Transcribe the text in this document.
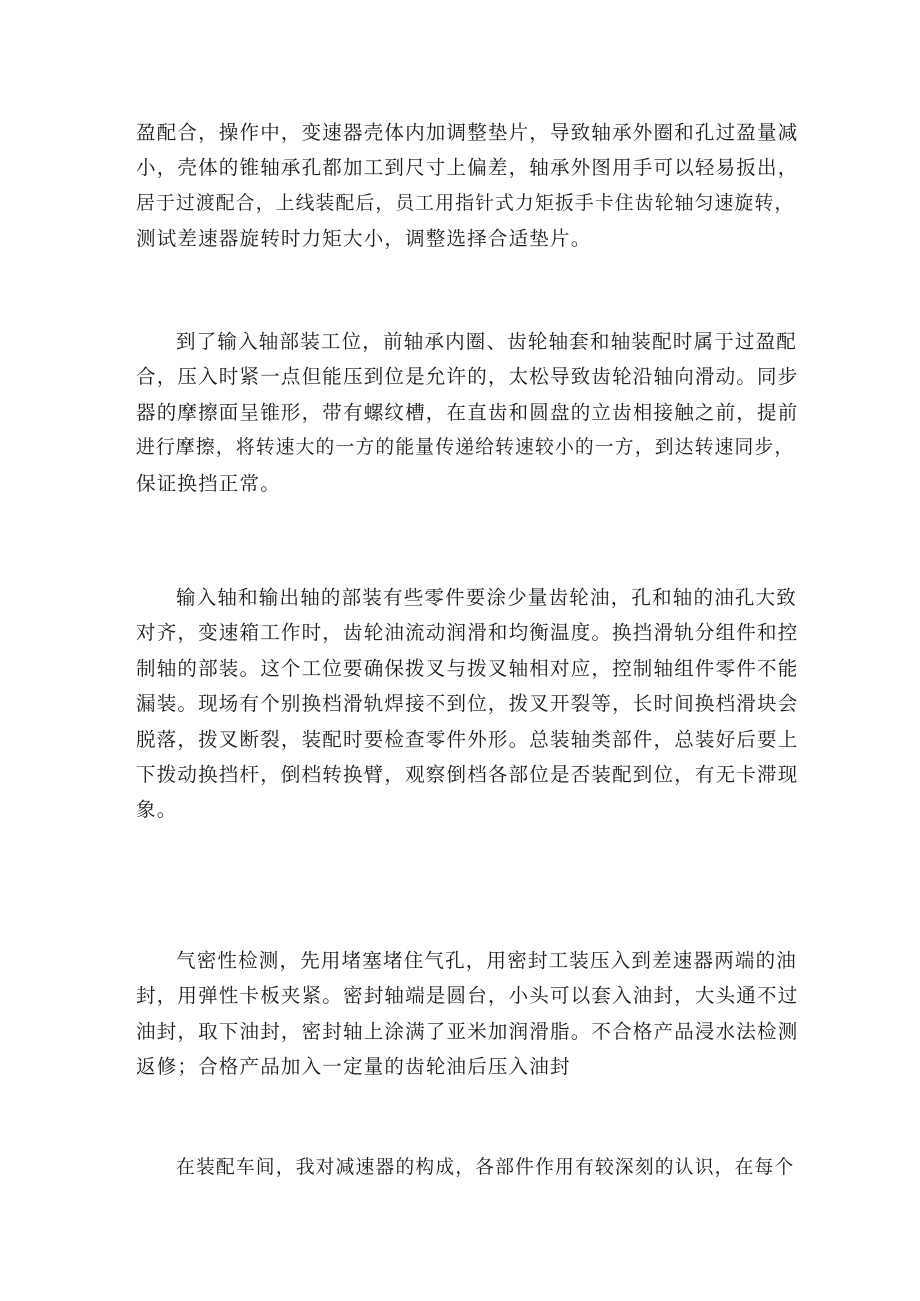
盈配合，操作中，变速器壳体内加调整垫片，导致轴承外圈和孔过盈量减
小，壳体的锥轴承孔都加工到尺寸上偏差，轴承外图用手可以轻易扳出，
居于过渡配合，上线装配后，员工用指针式力矩扳手卡住齿轮轴匀速旋转，
测试差速器旋转时力矩大小，调整选择合适垫片。

到了输入轴部装工位，前轴承内圈、齿轮轴套和轴装配时属于过盈配
合，压入时紧一点但能压到位是允许的，太松导致齿轮沿轴向滑动。同步
器的摩擦面呈锥形，带有螺纹槽，在直齿和圆盘的立齿相接触之前，提前
进行摩擦，将转速大的一方的能量传递给转速较小的一方，到达转速同步，
保证换挡正常。

输入轴和输出轴的部装有些零件要涂少量齿轮油，孔和轴的油孔大致
对齐，变速箱工作时，齿轮油流动润滑和均衡温度。换挡滑轨分组件和控
制轴的部装。这个工位要确保拨叉与拨叉轴相对应，控制轴组件零件不能
漏装。现场有个别换档滑轨焊接不到位，拨叉开裂等，长时间换档滑块会
脱落，拨叉断裂，装配时要检查零件外形。总装轴类部件，总装好后要上
下拨动换挡杆，倒档转换臂，观察倒档各部位是否装配到位，有无卡滞现
象。

气密性检测，先用堵塞堵住气孔，用密封工装压入到差速器两端的油
封，用弹性卡板夹紧。密封轴端是圆台，小头可以套入油封，大头通不过
油封，取下油封，密封轴上涂满了亚米加润滑脂。不合格产品浸水法检测
返修；合格产品加入一定量的齿轮油后压入油封

在装配车间，我对减速器的构成，各部件作用有较深刻的认识，在每个
